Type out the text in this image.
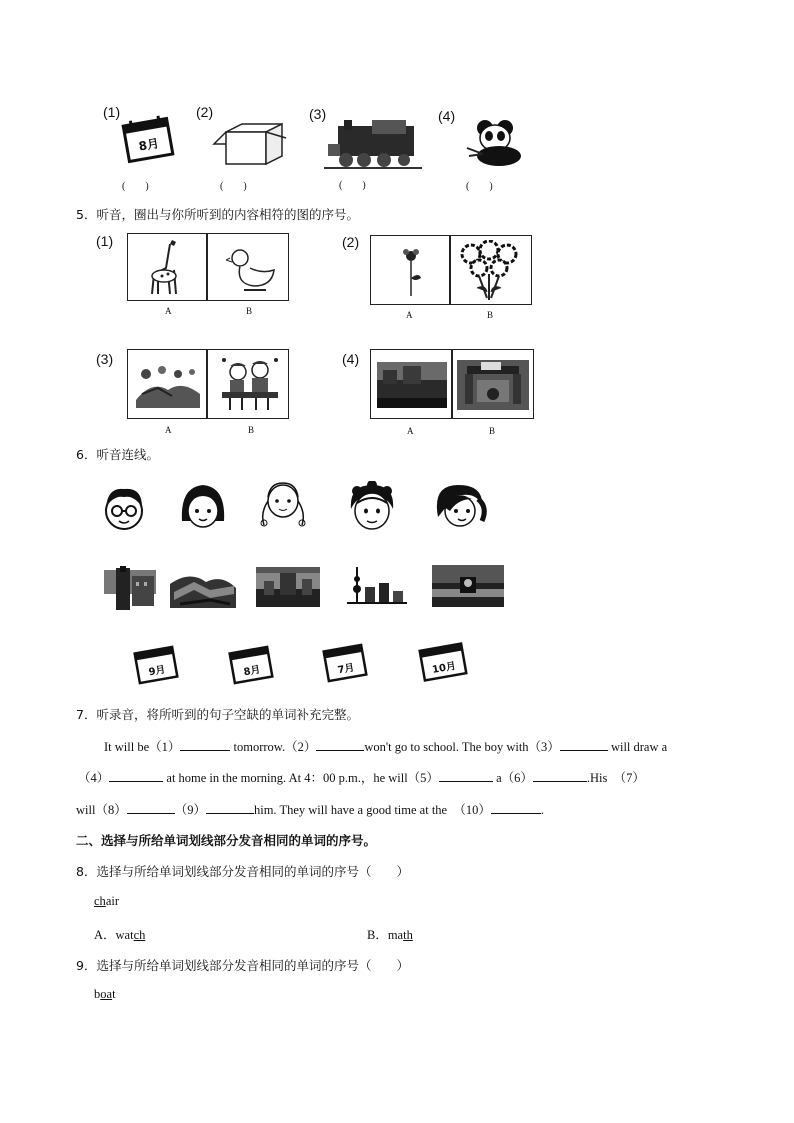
(1)	(2)	(3)	(4)
8月
(　　)	(　　)	(　　)	(　　)
5．听音，圈出与你所听到的内容相符的图的序号。
(1)
A	B
(2)
A	B
(3)
A	B
(4)
A	B
6．听音连线。
9月	8月	7月	10月
7．听录音，将所听到的句子空缺的单词补充完整。
It will be（1）	tomorrow.（2）	won't go to school. The boy with（3）	will draw a
（4）	at home in the morning. At 4：00 p.m.，he will（5）	a（6）	.His　（7）
will（8）	（9）	him. They will have a good time at the　（10）	.
二、选择与所给单词划线部分发音相同的单词的序号。
8．选择与所给单词划线部分发音相同的单词的序号（　　）
chair
A．watch	B．math
9．选择与所给单词划线部分发音相同的单词的序号（　　）
boat
